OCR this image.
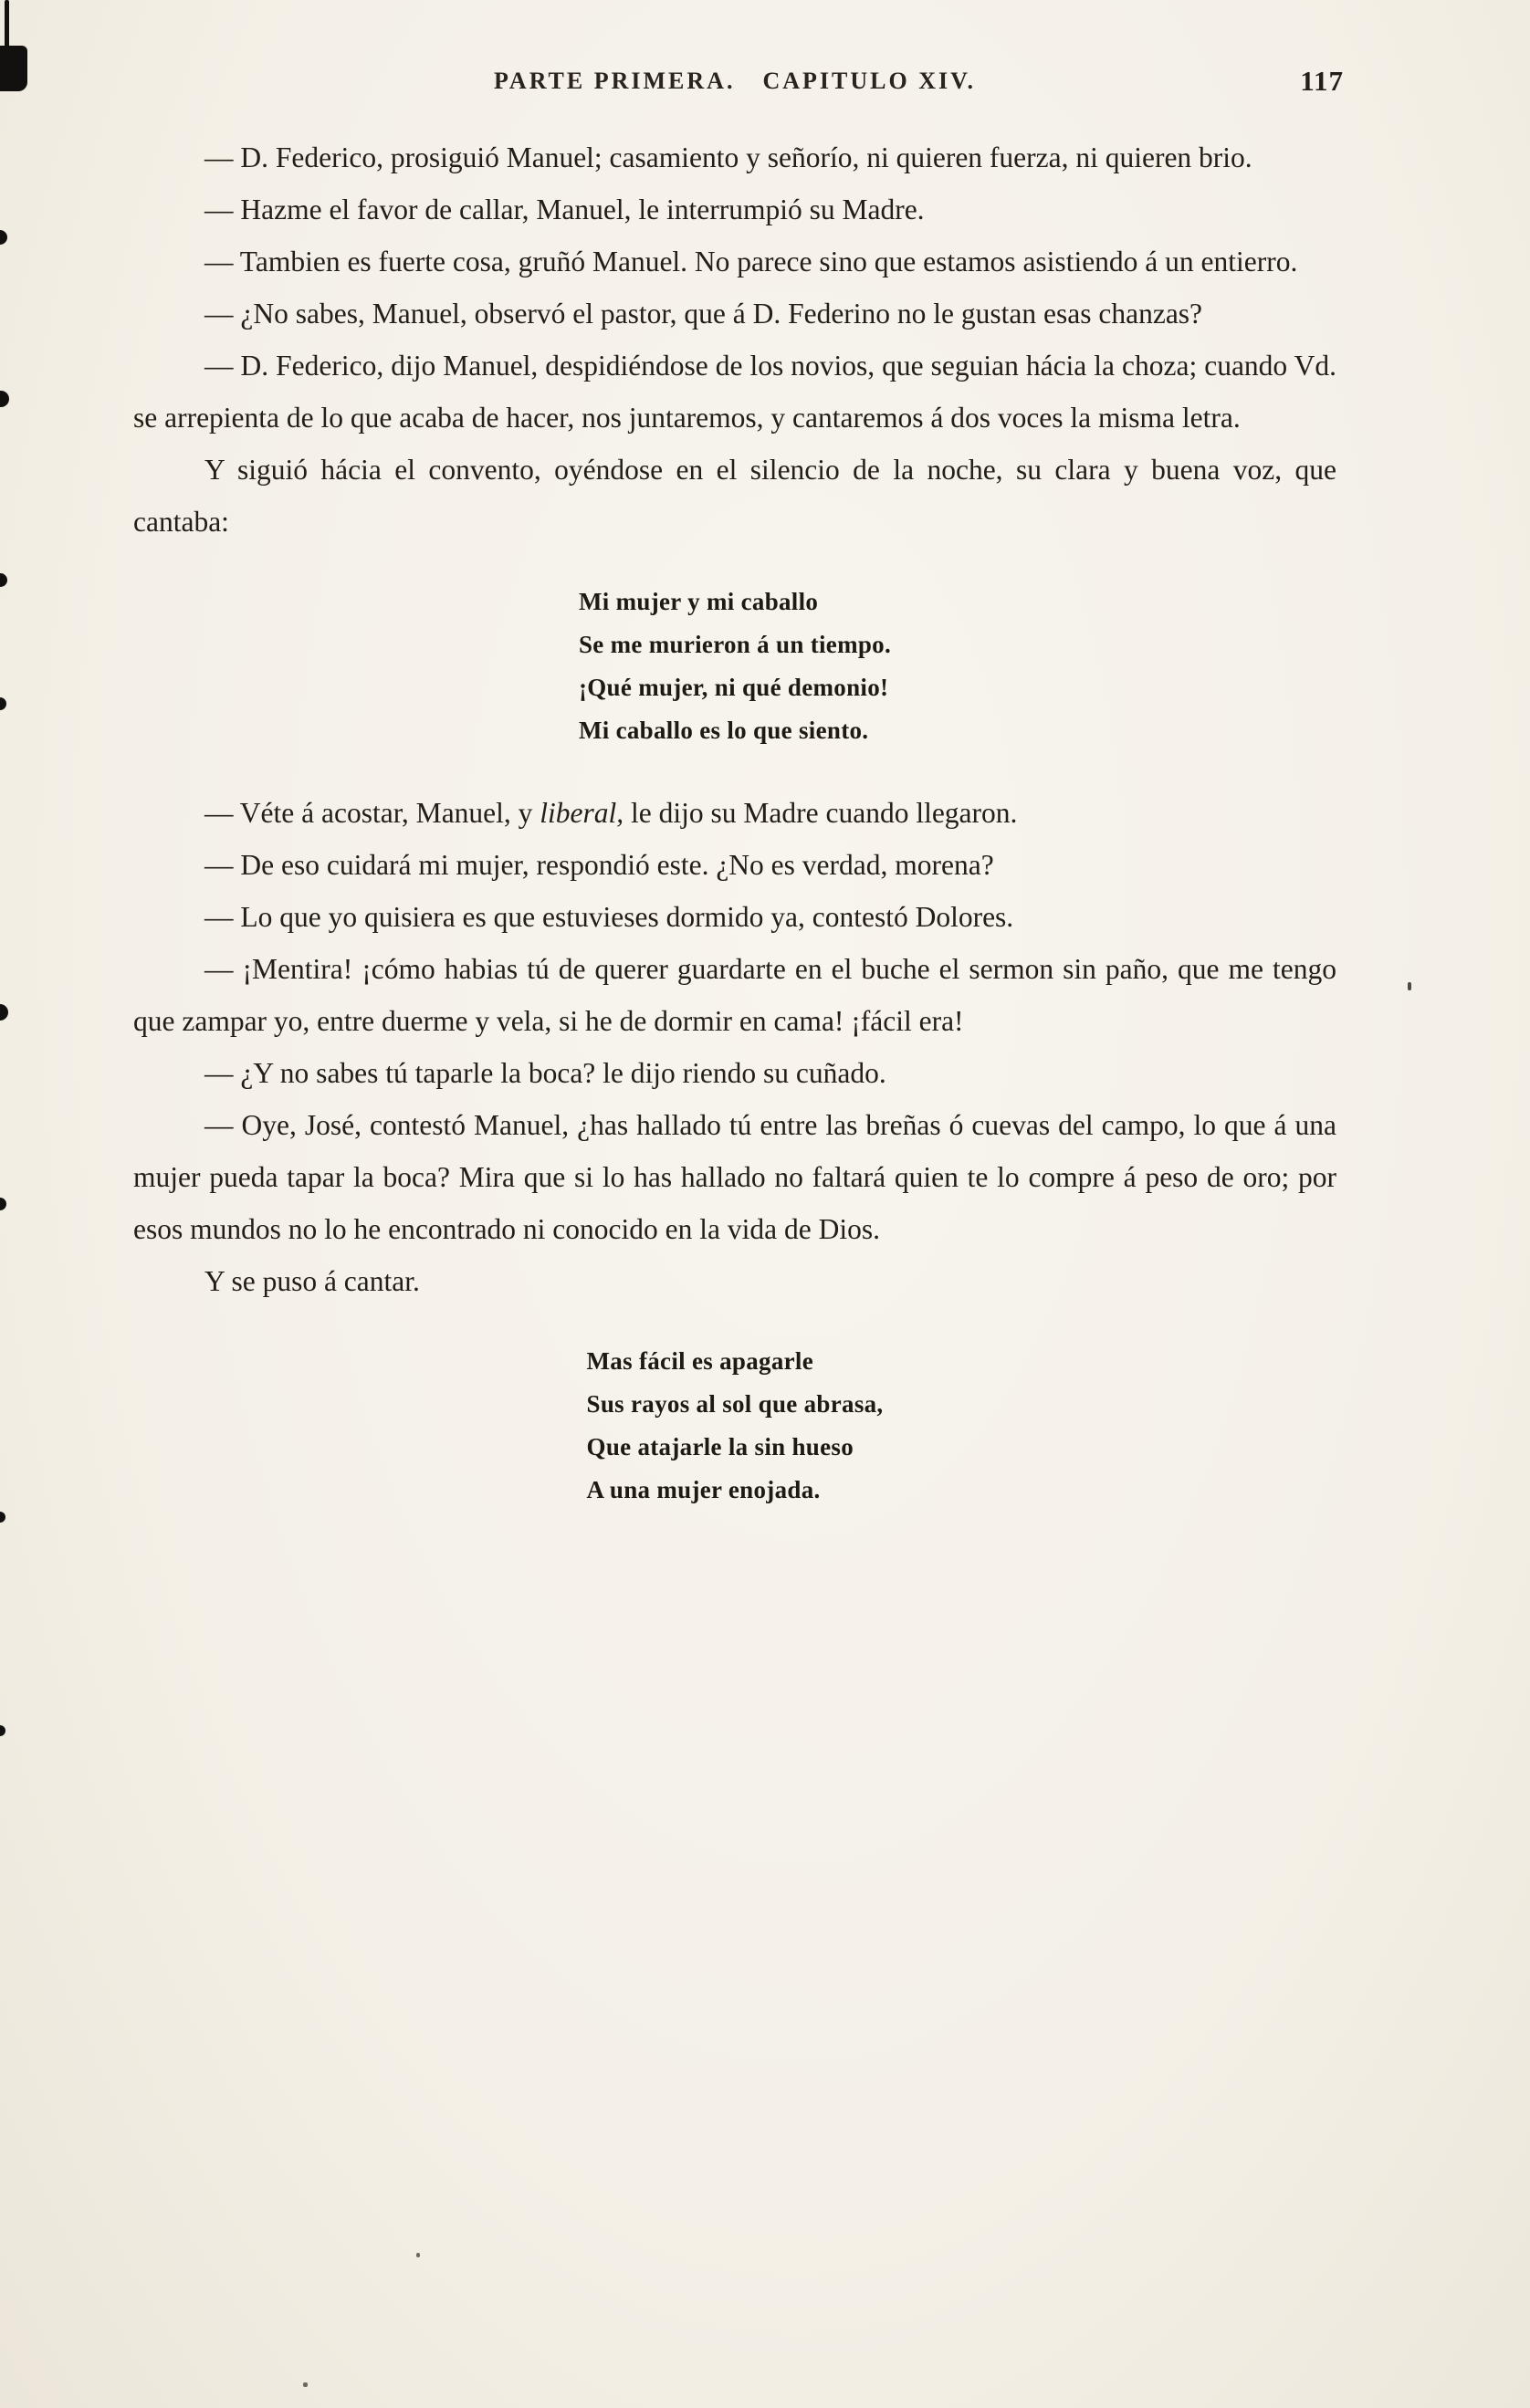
PARTE PRIMERA. CAPITULO XIV.	117

— D. Federico, prosiguió Manuel; casamiento y señorío, ni quieren fuerza, ni quieren brio.

— Hazme el favor de callar, Manuel, le interrumpió su Madre.

— Tambien es fuerte cosa, gruñó Manuel. No parece sino que estamos asistiendo á un entierro.

— ¿No sabes, Manuel, observó el pastor, que á D. Federino no le gustan esas chanzas?

— D. Federico, dijo Manuel, despidiéndose de los novios, que seguian hácia la choza; cuando Vd. se arrepienta de lo que acaba de hacer, nos juntaremos, y cantaremos á dos voces la misma letra.

Y siguió hácia el convento, oyéndose en el silencio de la noche, su clara y buena voz, que cantaba:

Mi mujer y mi caballo
Se me murieron á un tiempo.
¡Qué mujer, ni qué demonio!
Mi caballo es lo que siento.

— Véte á acostar, Manuel, y liberal, le dijo su Madre cuando llegaron.

— De eso cuidará mi mujer, respondió este. ¿No es verdad, morena?

— Lo que yo quisiera es que estuvieses dormido ya, contestó Dolores.

— ¡Mentira! ¡cómo habias tú de querer guardarte en el buche el sermon sin paño, que me tengo que zampar yo, entre duerme y vela, si he de dormir en cama! ¡fácil era!

— ¿Y no sabes tú taparle la boca? le dijo riendo su cuñado.

— Oye, José, contestó Manuel, ¿has hallado tú entre las breñas ó cuevas del campo, lo que á una mujer pueda tapar la boca? Mira que si lo has hallado no faltará quien te lo compre á peso de oro; por esos mundos no lo he encontrado ni conocido en la vida de Dios.

Y se puso á cantar.

Mas fácil es apagarle
Sus rayos al sol que abrasa,
Que atajarle la sin hueso
A una mujer enojada.
